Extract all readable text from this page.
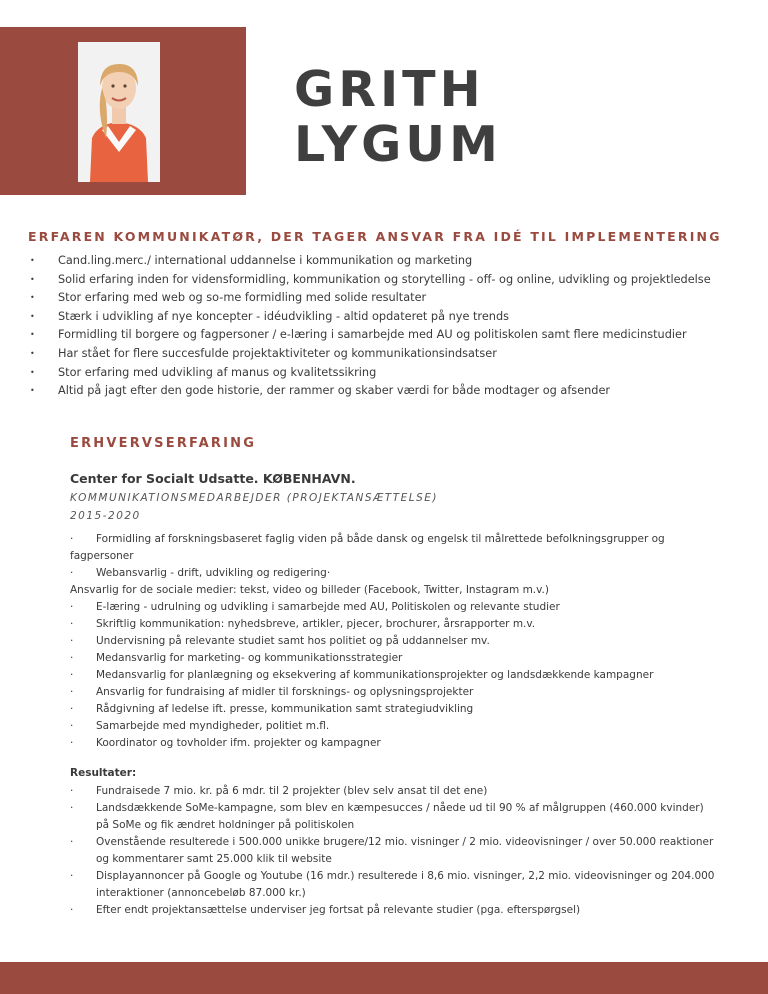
GRITH
LYGUM
ERFAREN KOMMUNIKATØR, DER TAGER ANSVAR FRA IDÉ TIL IMPLEMENTERING
• Cand.ling.merc./ international uddannelse i kommunikation og marketing
• Solid erfaring inden for vidensformidling, kommunikation og storytelling - off- og online, udvikling og projektledelse
• Stor erfaring med web og so-me formidling med solide resultater
• Stærk i udvikling af nye koncepter - idéudvikling - altid opdateret på nye trends
• Formidling til borgere og fagpersoner / e-læring i samarbejde med AU og politiskolen samt flere medicinstudier
• Har stået for flere succesfulde projektaktiviteter og kommunikationsindsatser
• Stor erfaring med udvikling af manus og kvalitetssikring
• Altid på jagt efter den gode historie, der rammer og skaber værdi for både modtager og afsender
ERHVERVSERFARING
Center for Socialt Udsatte. KØBENHAVN.
KOMMUNIKATIONSMEDARBEJDER (PROJEKTANSÆTTELSE)
2015-2020
· Formidling af forskningsbaseret faglig viden på både dansk og engelsk til målrettede befolkningsgrupper og fagpersoner
· Webansvarlig - drift, udvikling og redigering·
Ansvarlig for de sociale medier: tekst, video og billeder (Facebook, Twitter, Instagram m.v.)
· E-læring - udrulning og udvikling i samarbejde med AU, Politiskolen og relevante studier
· Skriftlig kommunikation: nyhedsbreve, artikler, pjecer, brochurer, årsrapporter m.v.
· Undervisning på relevante studiet samt hos politiet og på uddannelser mv.
· Medansvarlig for marketing- og kommunikationsstrategier
· Medansvarlig for planlægning og eksekvering af kommunikationsprojekter og landsdækkende kampagner
· Ansvarlig for fundraising af midler til forsknings- og oplysningsprojekter
· Rådgivning af ledelse ift. presse, kommunikation samt strategiudvikling
· Samarbejde med myndigheder, politiet m.fl.
· Koordinator og tovholder ifm. projekter og kampagner
Resultater:
· Fundraisede 7 mio. kr. på 6 mdr. til 2 projekter (blev selv ansat til det ene)
· Landsdækkende SoMe-kampagne, som blev en kæmpesucces / nåede ud til 90 % af målgruppen (460.000 kvinder) på SoMe og fik ændret holdninger på politiskolen
· Ovenstående resulterede i 500.000 unikke brugere/12 mio. visninger / 2 mio. videovisninger / over 50.000 reaktioner og kommentarer samt 25.000 klik til website
· Displayannoncer på Google og Youtube (16 mdr.) resulterede i 8,6 mio. visninger, 2,2 mio. videovisninger og 204.000 interaktioner (annoncebeløb 87.000 kr.)
· Efter endt projektansættelse underviser jeg fortsat på relevante studier (pga. efterspørgsel)
